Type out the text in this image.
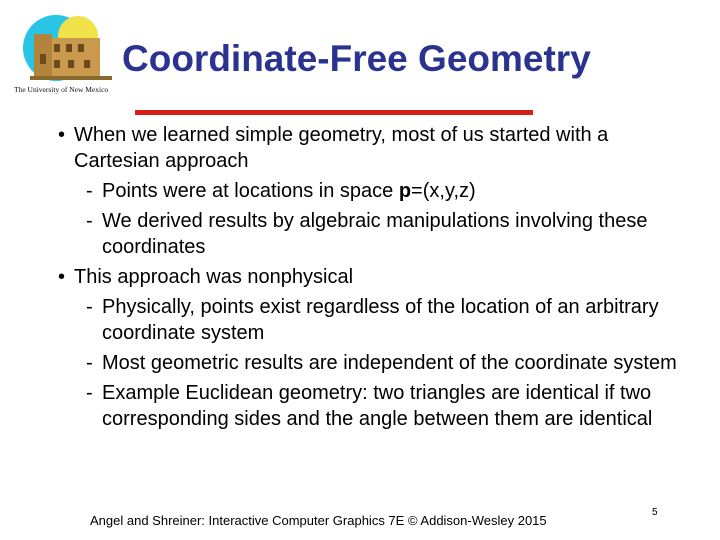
The University of New Mexico
Coordinate-Free Geometry
• When we learned simple geometry, most of us started with a Cartesian approach
- Points were at locations in space p=(x,y,z)
- We derived results by algebraic manipulations involving these coordinates
• This approach was nonphysical
- Physically, points exist regardless of the location of an arbitrary coordinate system
- Most geometric results are independent of the coordinate system
- Example Euclidean geometry: two triangles are identical if two corresponding sides and the angle between them are identical
Angel and Shreiner: Interactive Computer Graphics 7E © Addison-Wesley 2015
5
